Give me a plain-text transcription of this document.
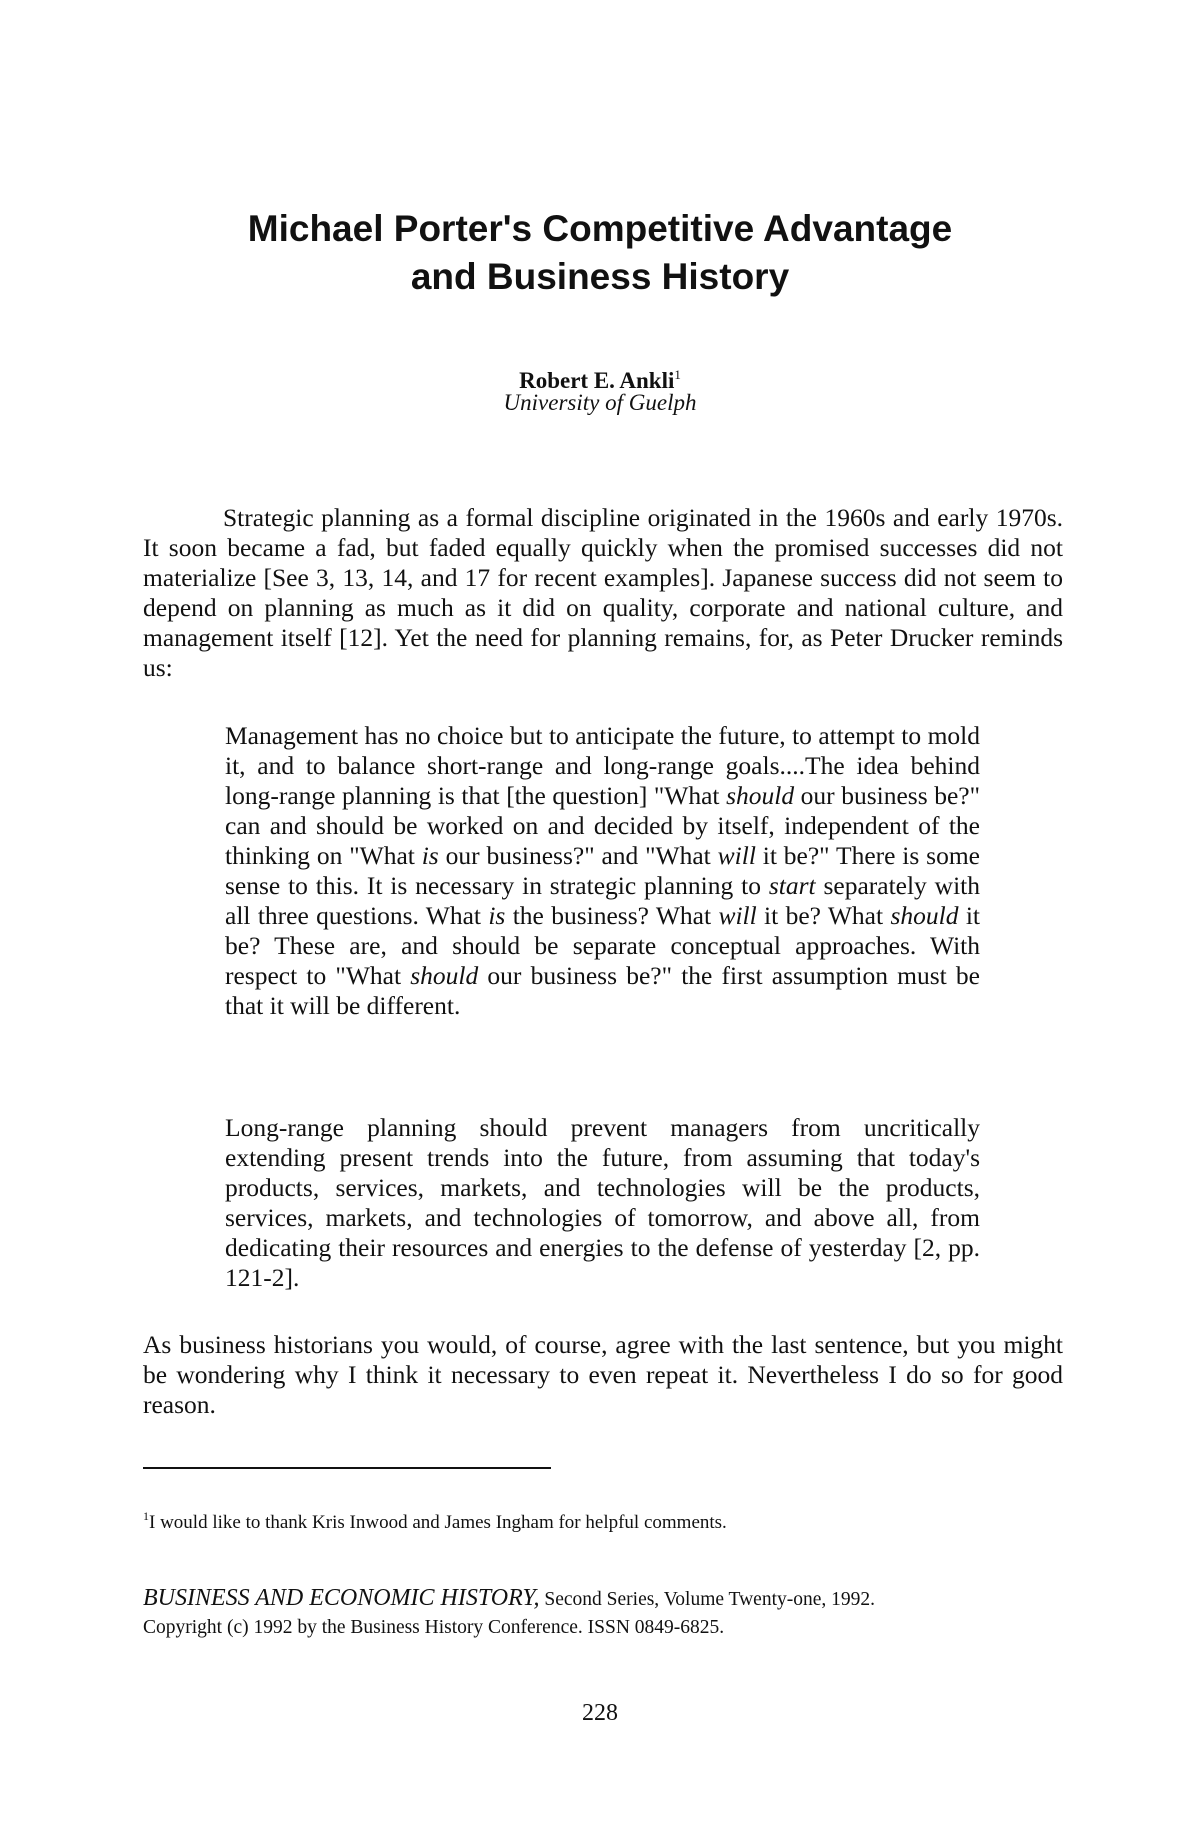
Michael Porter's Competitive Advantage
and Business History
Robert E. Ankli$^1$
University of Guelph
Strategic planning as a formal discipline originated in the 1960s and early 1970s. It soon became a fad, but faded equally quickly when the promised successes did not materialize [See 3, 13, 14, and 17 for recent examples]. Japanese success did not seem to depend on planning as much as it did on quality, corporate and national culture, and management itself [12]. Yet the need for planning remains, for, as Peter Drucker reminds us:
Management has no choice but to anticipate the future, to attempt to mold it, and to balance short-range and long-range goals....The idea behind long-range planning is that [the question] "What should our business be?" can and should be worked on and decided by itself, independent of the thinking on "What is our business?" and "What will it be?" There is some sense to this. It is necessary in strategic planning to start separately with all three questions. What is the business? What will it be? What should it be? These are, and should be separate conceptual approaches. With respect to "What should our business be?" the first assumption must be that it will be different.
Long-range planning should prevent managers from uncritically extending present trends into the future, from assuming that today's products, services, markets, and technologies will be the products, services, markets, and technologies of tomorrow, and above all, from dedicating their resources and energies to the defense of yesterday [2, pp. 121-2].
As business historians you would, of course, agree with the last sentence, but you might be wondering why I think it necessary to even repeat it. Nevertheless I do so for good reason.
$^1$I would like to thank Kris Inwood and James Ingham for helpful comments.
BUSINESS AND ECONOMIC HISTORY, Second Series, Volume Twenty-one, 1992.
Copyright (c) 1992 by the Business History Conference. ISSN 0849-6825.
228
